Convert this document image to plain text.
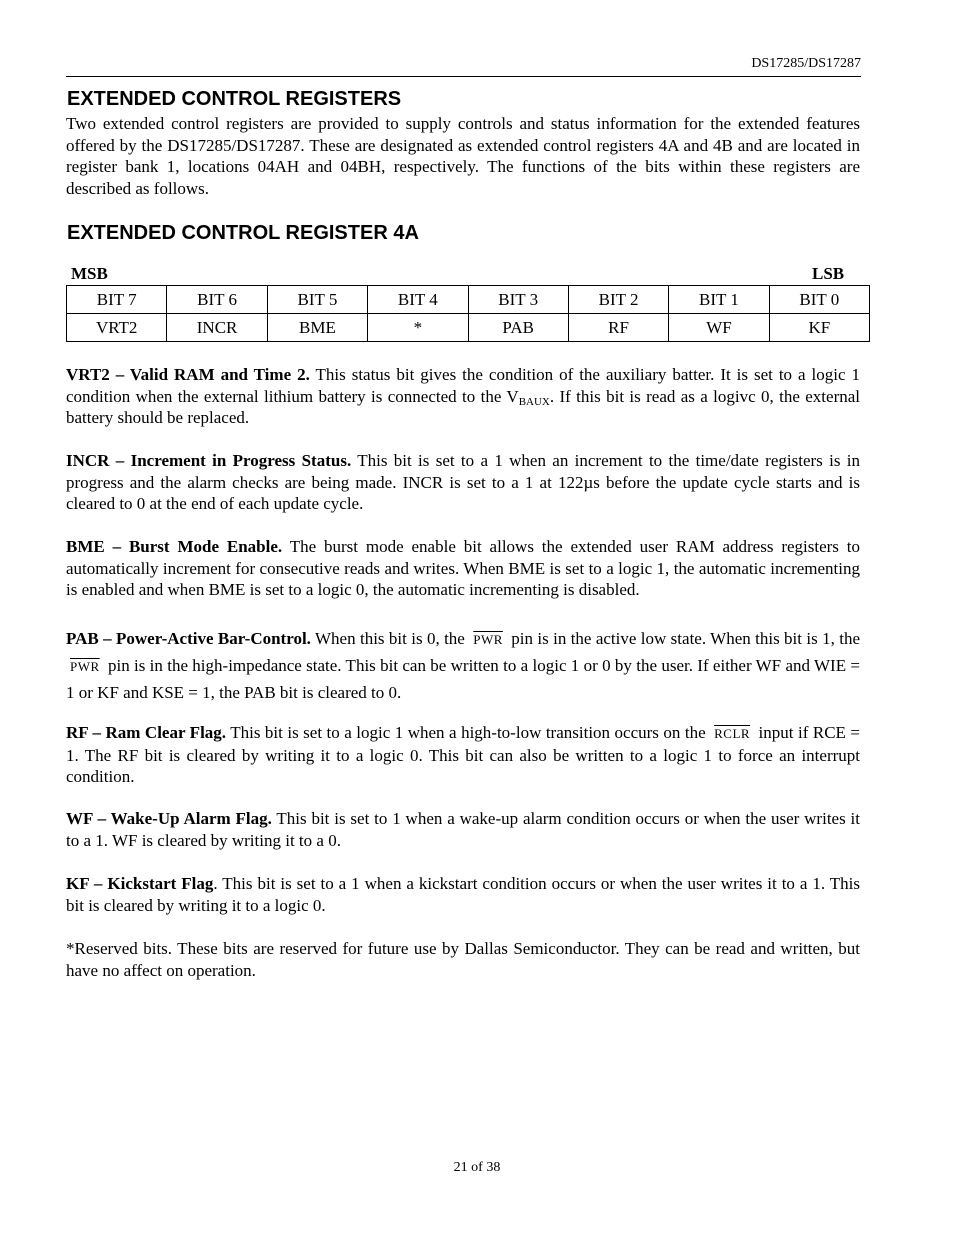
DS17285/DS17287
EXTENDED CONTROL REGISTERS

Two extended control registers are provided to supply controls and status information for the extended features offered by the DS17285/DS17287. These are designated as extended control registers 4A and 4B and are located in register bank 1, locations 04AH and 04BH, respectively. The functions of the bits within these registers are described as follows.

EXTENDED CONTROL REGISTER 4A
MSB	LSB
BIT 7	BIT 6	BIT 5	BIT 4	BIT 3	BIT 2	BIT 1	BIT 0
VRT2	INCR	BME	*	PAB	RF	WF	KF

VRT2 – Valid RAM and Time 2. This status bit gives the condition of the auxiliary batter. It is set to a logic 1 condition when the external lithium battery is connected to the $V_{BAUX}$. If this bit is read as a logivc 0, the external battery should be replaced.

INCR – Increment in Progress Status. This bit is set to a 1 when an increment to the time/date registers is in progress and the alarm checks are being made. INCR is set to a 1 at 122µs before the update cycle starts and is cleared to 0 at the end of each update cycle.

BME – Burst Mode Enable. The burst mode enable bit allows the extended user RAM address registers to automatically increment for consecutive reads and writes. When BME is set to a logic 1, the automatic incrementing is enabled and when BME is set to a logic 0, the automatic incrementing is disabled.

PAB – Power-Active Bar-Control. When this bit is 0, the $\overline{PWR}$ pin is in the active low state. When this bit is 1, the $\overline{PWR}$ pin is in the high-impedance state. This bit can be written to a logic 1 or 0 by the user. If either WF and WIE = 1 or KF and KSE = 1, the PAB bit is cleared to 0.

RF – Ram Clear Flag. This bit is set to a logic 1 when a high-to-low transition occurs on the RCLR input if RCE = 1. The RF bit is cleared by writing it to a logic 0. This bit can also be written to a logic 1 to force an interrupt condition.

WF – Wake-Up Alarm Flag. This bit is set to 1 when a wake-up alarm condition occurs or when the user writes it to a 1. WF is cleared by writing it to a 0.

KF – Kickstart Flag. This bit is set to a 1 when a kickstart condition occurs or when the user writes it to a 1. This bit is cleared by writing it to a logic 0.

*Reserved bits. These bits are reserved for future use by Dallas Semiconductor. They can be read and written, but have no affect on operation.

21 of 38
